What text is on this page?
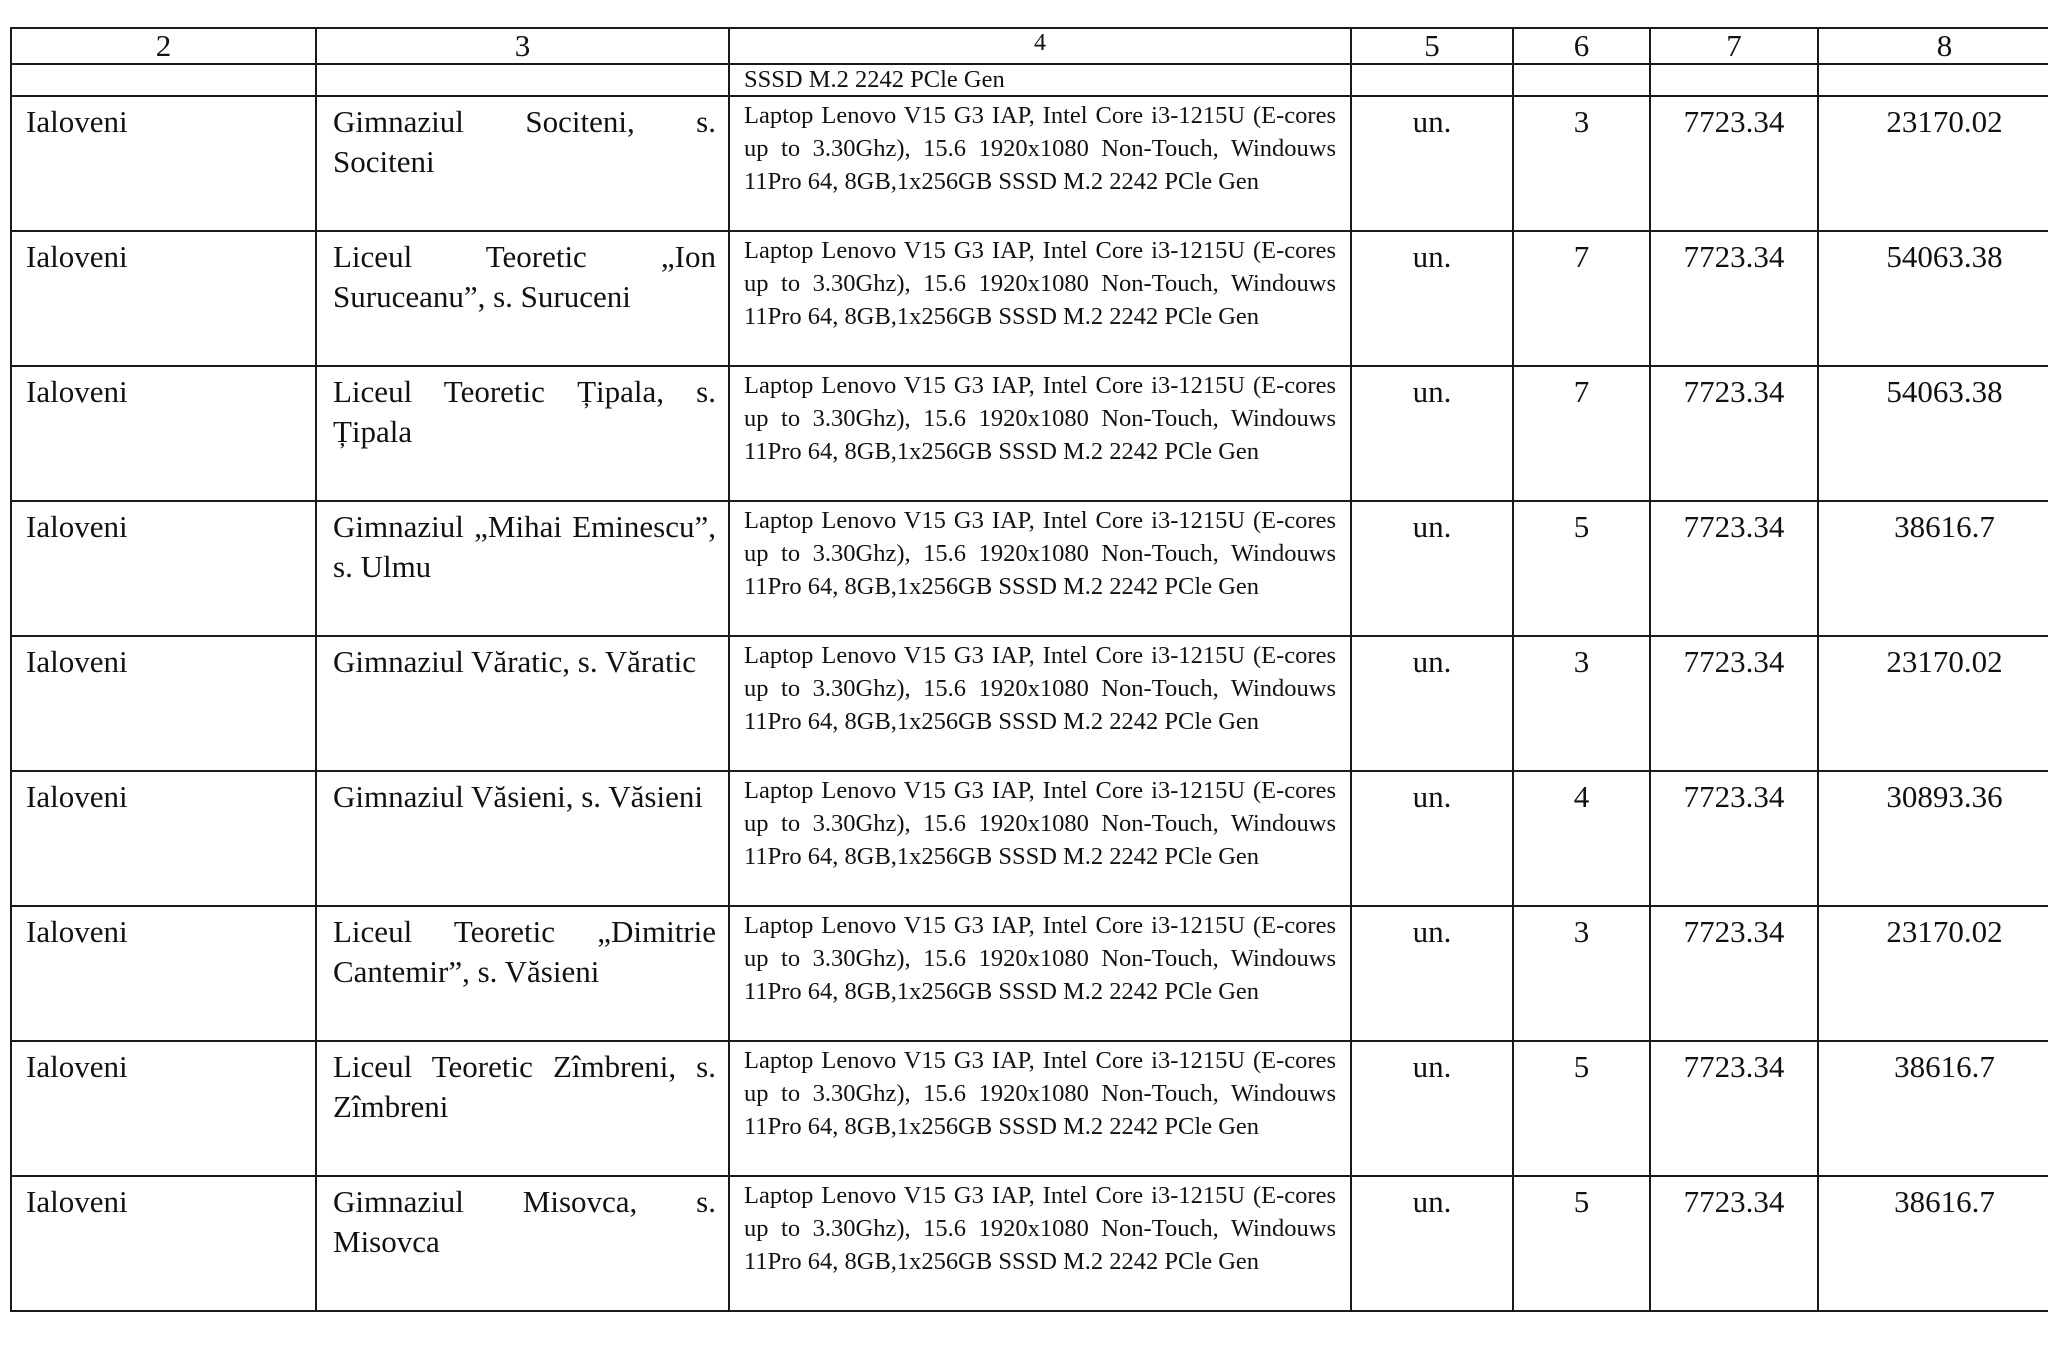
2	3	4	5	6	7	8

		SSSD M.2 2242 PCle Gen				

Ialoveni	Gimnaziul Sociteni, s. Sociteni	Laptop Lenovo V15 G3 IAP, Intel Core i3-1215U (E-cores up to 3.30Ghz), 15.6 1920x1080 Non-Touch, Windouws 11Pro 64, 8GB,1x256GB SSSD M.2 2242 PCle Gen	un.	3	7723.34	23170.02

Ialoveni	Liceul Teoretic „Ion Suruceanu”, s. Suruceni	Laptop Lenovo V15 G3 IAP, Intel Core i3-1215U (E-cores up to 3.30Ghz), 15.6 1920x1080 Non-Touch, Windouws 11Pro 64, 8GB,1x256GB SSSD M.2 2242 PCle Gen	un.	7	7723.34	54063.38

Ialoveni	Liceul Teoretic Țipala, s. Țipala	Laptop Lenovo V15 G3 IAP, Intel Core i3-1215U (E-cores up to 3.30Ghz), 15.6 1920x1080 Non-Touch, Windouws 11Pro 64, 8GB,1x256GB SSSD M.2 2242 PCle Gen	un.	7	7723.34	54063.38

Ialoveni	Gimnaziul „Mihai Eminescu”, s. Ulmu	Laptop Lenovo V15 G3 IAP, Intel Core i3-1215U (E-cores up to 3.30Ghz), 15.6 1920x1080 Non-Touch, Windouws 11Pro 64, 8GB,1x256GB SSSD M.2 2242 PCle Gen	un.	5	7723.34	38616.7

Ialoveni	Gimnaziul Văratic, s. Văratic	Laptop Lenovo V15 G3 IAP, Intel Core i3-1215U (E-cores up to 3.30Ghz), 15.6 1920x1080 Non-Touch, Windouws 11Pro 64, 8GB,1x256GB SSSD M.2 2242 PCle Gen	un.	3	7723.34	23170.02

Ialoveni	Gimnaziul Văsieni, s. Văsieni	Laptop Lenovo V15 G3 IAP, Intel Core i3-1215U (E-cores up to 3.30Ghz), 15.6 1920x1080 Non-Touch, Windouws 11Pro 64, 8GB,1x256GB SSSD M.2 2242 PCle Gen	un.	4	7723.34	30893.36

Ialoveni	Liceul Teoretic „Dimitrie Cantemir”, s. Văsieni	Laptop Lenovo V15 G3 IAP, Intel Core i3-1215U (E-cores up to 3.30Ghz), 15.6 1920x1080 Non-Touch, Windouws 11Pro 64, 8GB,1x256GB SSSD M.2 2242 PCle Gen	un.	3	7723.34	23170.02

Ialoveni	Liceul Teoretic Zîmbreni, s. Zîmbreni	Laptop Lenovo V15 G3 IAP, Intel Core i3-1215U (E-cores up to 3.30Ghz), 15.6 1920x1080 Non-Touch, Windouws 11Pro 64, 8GB,1x256GB SSSD M.2 2242 PCle Gen	un.	5	7723.34	38616.7

Ialoveni	Gimnaziul Misovca, s. Misovca	Laptop Lenovo V15 G3 IAP, Intel Core i3-1215U (E-cores up to 3.30Ghz), 15.6 1920x1080 Non-Touch, Windouws 11Pro 64, 8GB,1x256GB SSSD M.2 2242 PCle Gen	un.	5	7723.34	38616.7
